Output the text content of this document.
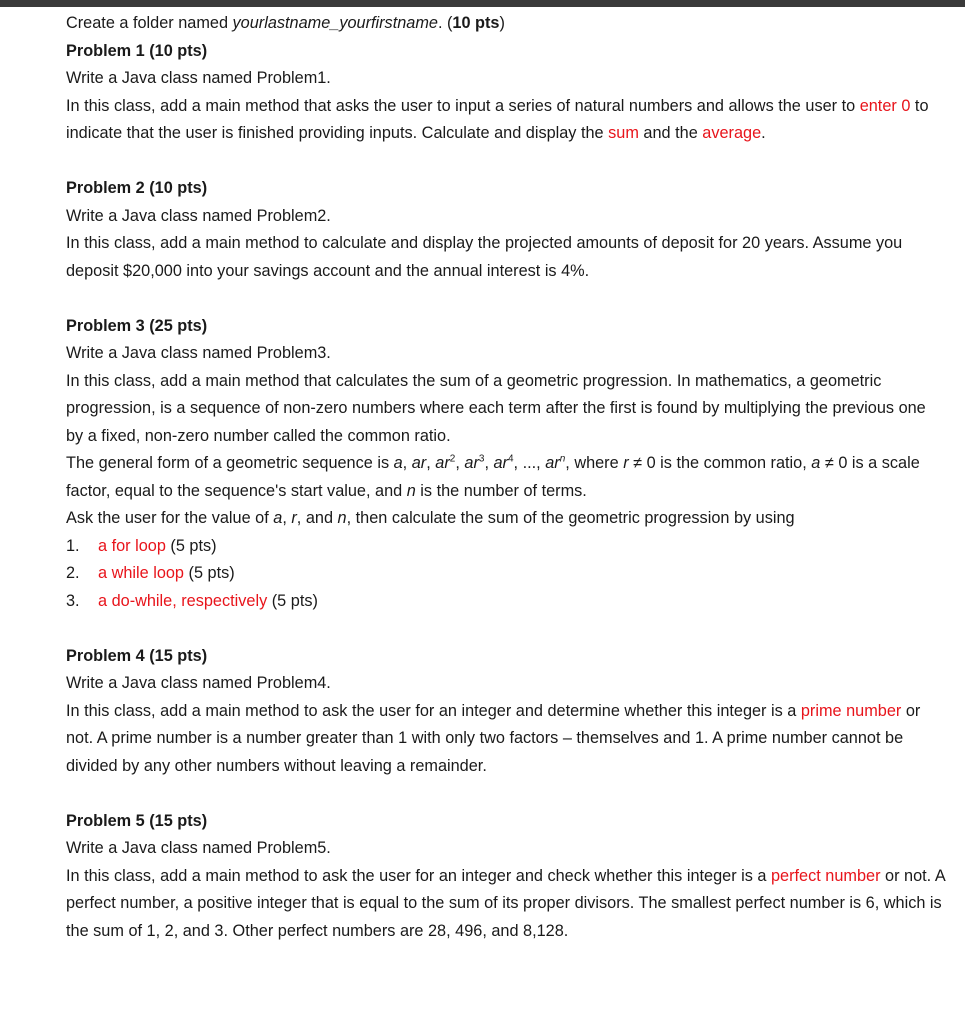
Create a folder named yourlastname_yourfirstname. (10 pts)

Problem 1 (10 pts)

Write a Java class named Problem1.

In this class, add a main method that asks the user to input a series of natural numbers and allows the user to enter 0 to indicate that the user is finished providing inputs. Calculate and display the sum and the average.

Problem 2 (10 pts)

Write a Java class named Problem2.

In this class, add a main method to calculate and display the projected amounts of deposit for 20 years. Assume you deposit $20,000 into your savings account and the annual interest is 4%.

Problem 3 (25 pts)

Write a Java class named Problem3.

In this class, add a main method that calculates the sum of a geometric progression. In mathematics, a geometric progression, is a sequence of non-zero numbers where each term after the first is found by multiplying the previous one by a fixed, non-zero number called the common ratio.

The general form of a geometric sequence is a, ar, $ar^2$, $ar^3$, $ar^4$, ..., $ar^n$, where r ≠ 0 is the common ratio, a ≠ 0 is a scale factor, equal to the sequence's start value, and n is the number of terms.

Ask the user for the value of a, r, and n, then calculate the sum of the geometric progression by using

1. a for loop (5 pts)
2. a while loop (5 pts)
3. a do-while, respectively (5 pts)

Problem 4 (15 pts)

Write a Java class named Problem4.

In this class, add a main method to ask the user for an integer and determine whether this integer is a prime number or not. A prime number is a number greater than 1 with only two factors – themselves and 1. A prime number cannot be divided by any other numbers without leaving a remainder.

Problem 5 (15 pts)

Write a Java class named Problem5.

In this class, add a main method to ask the user for an integer and check whether this integer is a perfect number or not. A perfect number, a positive integer that is equal to the sum of its proper divisors. The smallest perfect number is 6, which is the sum of 1, 2, and 3. Other perfect numbers are 28, 496, and 8,128.
